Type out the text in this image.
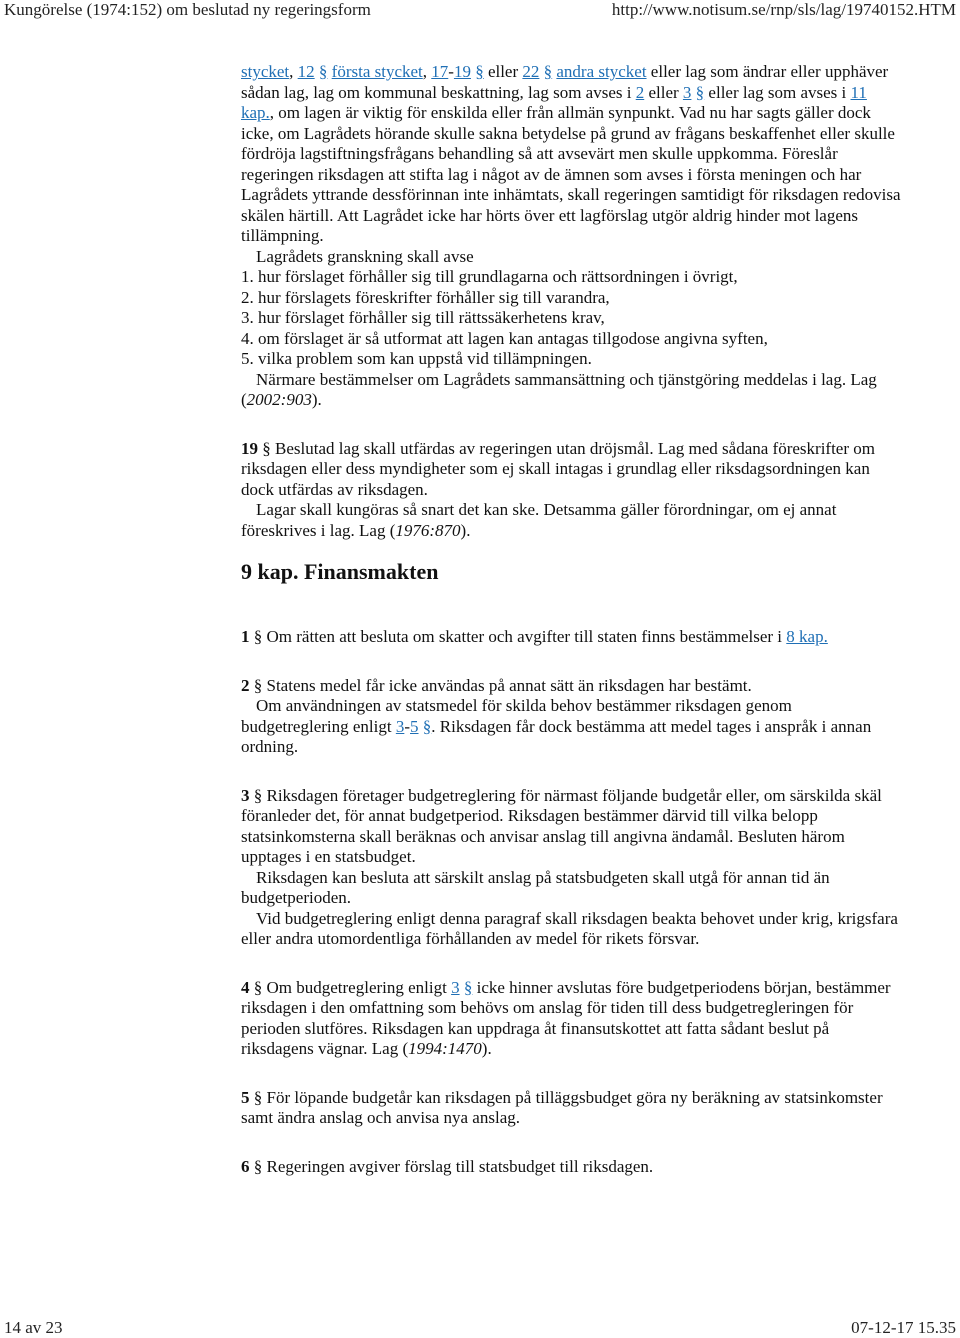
Kungörelse (1974:152) om beslutad ny regeringsform	http://www.notisum.se/rnp/sls/lag/19740152.HTM

stycket, 12 § första stycket, 17-19 § eller 22 § andra stycket eller lag som ändrar eller upphäver sådan lag, lag om kommunal beskattning, lag som avses i 2 eller 3 § eller lag som avses i 11 kap., om lagen är viktig för enskilda eller från allmän synpunkt. Vad nu har sagts gäller dock icke, om Lagrådets hörande skulle sakna betydelse på grund av frågans beskaffenhet eller skulle fördröja lagstiftningsfrågans behandling så att avsevärt men skulle uppkomma. Föreslår regeringen riksdagen att stifta lag i något av de ämnen som avses i första meningen och har Lagrådets yttrande dessförinnan inte inhämtats, skall regeringen samtidigt för riksdagen redovisa skälen härtill. Att Lagrådet icke har hörts över ett lagförslag utgör aldrig hinder mot lagens tillämpning.

Lagrådets granskning skall avse

1. hur förslaget förhåller sig till grundlagarna och rättsordningen i övrigt,

2. hur förslagets föreskrifter förhåller sig till varandra,

3. hur förslaget förhåller sig till rättssäkerhetens krav,

4. om förslaget är så utformat att lagen kan antagas tillgodose angivna syften,

5. vilka problem som kan uppstå vid tillämpningen.

Närmare bestämmelser om Lagrådets sammansättning och tjänstgöring meddelas i lag. Lag (2002:903).

19 § Beslutad lag skall utfärdas av regeringen utan dröjsmål. Lag med sådana föreskrifter om riksdagen eller dess myndigheter som ej skall intagas i grundlag eller riksdagsordningen kan dock utfärdas av riksdagen.

Lagar skall kungöras så snart det kan ske. Detsamma gäller förordningar, om ej annat föreskrives i lag. Lag (1976:870).

9 kap. Finansmakten

1 § Om rätten att besluta om skatter och avgifter till staten finns bestämmelser i 8 kap.

2 § Statens medel får icke användas på annat sätt än riksdagen har bestämt.

Om användningen av statsmedel för skilda behov bestämmer riksdagen genom budgetreglering enligt 3-5 §. Riksdagen får dock bestämma att medel tages i anspråk i annan ordning.

3 § Riksdagen företager budgetreglering för närmast följande budgetår eller, om särskilda skäl föranleder det, för annat budgetperiod. Riksdagen bestämmer därvid till vilka belopp statsinkomsterna skall beräknas och anvisar anslag till angivna ändamål. Besluten härom upptages i en statsbudget.

Riksdagen kan besluta att särskilt anslag på statsbudgeten skall utgå för annan tid än budgetperioden.

Vid budgetreglering enligt denna paragraf skall riksdagen beakta behovet under krig, krigsfara eller andra utomordentliga förhållanden av medel för rikets försvar.

4 § Om budgetreglering enligt 3 § icke hinner avslutas före budgetperiodens början, bestämmer riksdagen i den omfattning som behövs om anslag för tiden till dess budgetregleringen för perioden slutföres. Riksdagen kan uppdraga åt finansutskottet att fatta sådant beslut på riksdagens vägnar. Lag (1994:1470).

5 § För löpande budgetår kan riksdagen på tilläggsbudget göra ny beräkning av statsinkomster samt ändra anslag och anvisa nya anslag.

6 § Regeringen avgiver förslag till statsbudget till riksdagen.

14 av 23	07-12-17 15.35
